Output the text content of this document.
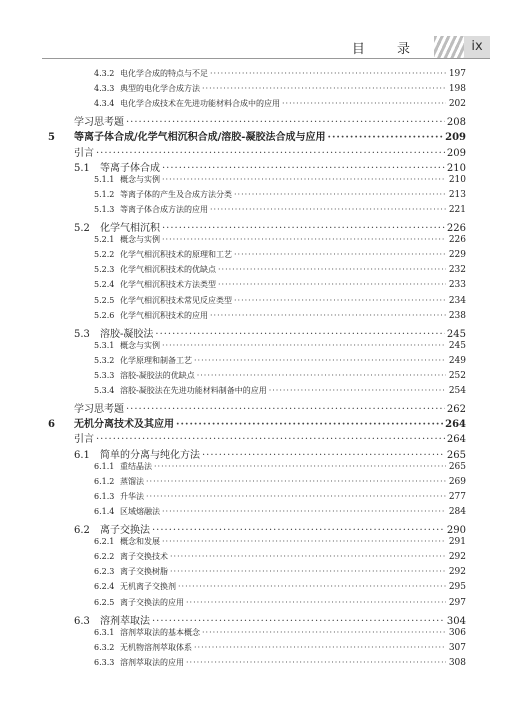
目 录	ix
4.3.2 电化学合成的特点与不足 ·····	197
4.3.3 典型的电化学合成方法 ·····	198
4.3.4 电化学合成技术在先进功能材料合成中的应用 ·····	202
学习思考题 ·····	208
5	等离子体合成/化学气相沉积合成/溶胶-凝胶法合成与应用 ·····	209
引言 ·····	209
5.1	等离子体合成 ·····	210
5.1.1 概念与实例 ·····	210
5.1.2 等离子体的产生及合成方法分类 ·····	213
5.1.3 等离子体合成方法的应用 ·····	221
5.2	化学气相沉积 ·····	226
5.2.1 概念与实例 ·····	226
5.2.2 化学气相沉积技术的原理和工艺 ·····	229
5.2.3 化学气相沉积技术的优缺点 ·····	232
5.2.4 化学气相沉积技术方法类型 ·····	233
5.2.5 化学气相沉积技术常见反应类型 ·····	234
5.2.6 化学气相沉积技术的应用 ·····	238
5.3	溶胶-凝胶法 ·····	245
5.3.1 概念与实例 ·····	245
5.3.2 化学原理和制备工艺 ·····	249
5.3.3 溶胶-凝胶法的优缺点 ·····	252
5.3.4 溶胶-凝胶法在先进功能材料制备中的应用 ·····	254
学习思考题 ·····	262
6	无机分离技术及其应用 ·····	264
引言 ·····	264
6.1	简单的分离与纯化方法 ·····	265
6.1.1 重结晶法 ·····	265
6.1.2 蒸馏法 ·····	269
6.1.3 升华法 ·····	277
6.1.4 区域熔融法 ·····	284
6.2	离子交换法 ·····	290
6.2.1 概念和发展 ·····	291
6.2.2 离子交换技术 ·····	292
6.2.3 离子交换树脂 ·····	292
6.2.4 无机离子交换剂 ·····	295
6.2.5 离子交换法的应用 ·····	297
6.3	溶剂萃取法 ·····	304
6.3.1 溶剂萃取法的基本概念 ·····	306
6.3.2 无机物溶剂萃取体系 ·····	307
6.3.3 溶剂萃取法的应用 ·····	308
